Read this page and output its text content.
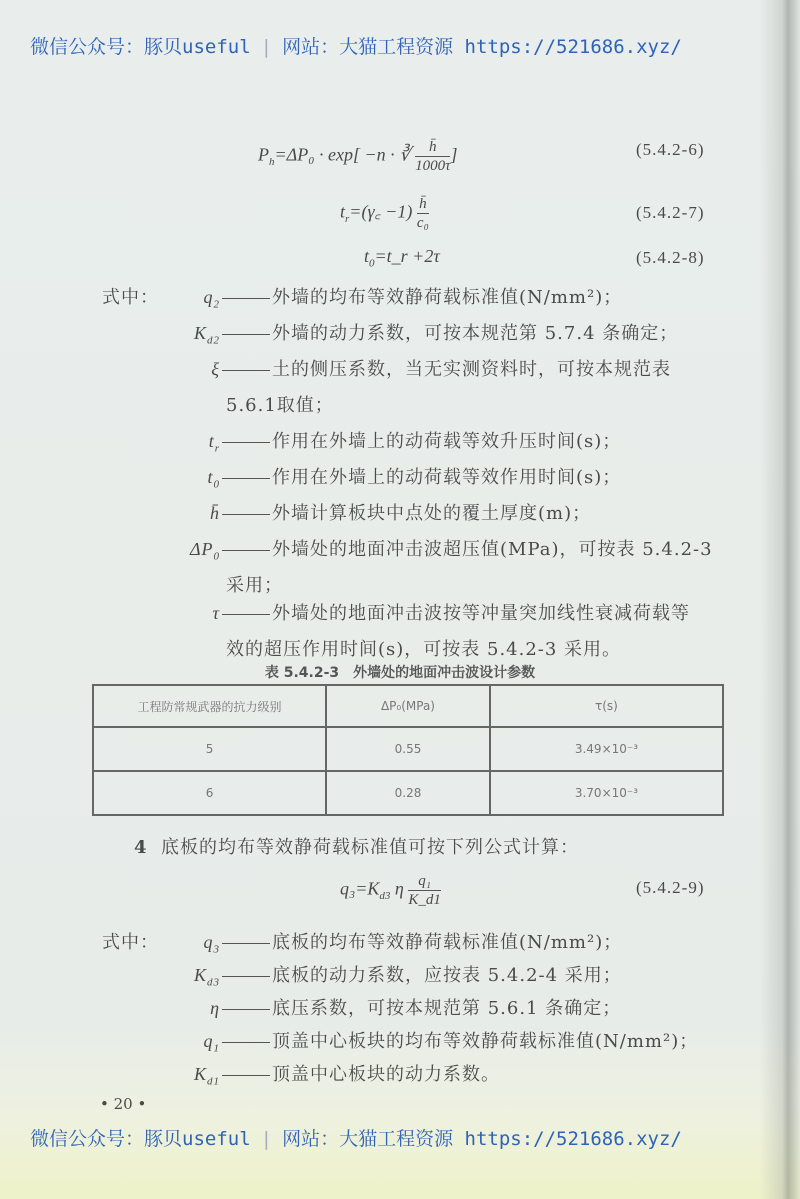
微信公众号：豚贝useful | 网站：大猫工程资源 https://521686.xyz/
$P_h=\Delta P_0 \cdot \exp[ -n$ · ∛ $\frac{h̄}{1000\tau}$ ]	(5.4.2-6)
$t_r=(\gamma꜀ -1) \frac{h̄}{\text{c₀}}$	(5.4.2-7)
$t_0=t\_r +2\tau$	(5.4.2-8)
式中：	$q_2$	外墙的均布等效静荷载标准值(N/mm²)；
$K_{d2}$	外墙的动力系数，可按本规范第 5.7.4 条确定；
ξ	土的侧压系数，当无实测资料时，可按本规范表
5.6.1取值；
$t_r$	作用在外墙上的动荷载等效升压时间(s)；
$t_0$	作用在外墙上的动荷载等效作用时间(s)；
h̄	外墙计算板块中点处的覆土厚度(m)；
$\Delta P_0$	外墙处的地面冲击波超压值(MPa)，可按表 5.4.2-3
采用；
τ	外墙处的地面冲击波按等冲量突加线性衰减荷载等
效的超压作用时间(s)，可按表 5.4.2-3 采用。
表 5.4.2-3　外墙处的地面冲击波设计参数
工程防常规武器的抗力级别	ΔP₀(MPa)	τ(s)
5	0.55	3.49×10⁻³
6	0.28	3.70×10⁻³
4 底板的均布等效静荷载标准值可按下列公式计算：
$q_3=K_{d3}$ η $\frac{\text{q₁}}{K\_d1}$	(5.4.2-9)
式中：	$q_3$	底板的均布等效静荷载标准值(N/mm²)；
$K_{d3}$	底板的动力系数，应按表 5.4.2-4 采用；
η	底压系数，可按本规范第 5.6.1 条确定；
$q_1$	顶盖中心板块的均布等效静荷载标准值(N/mm²)；
$K_{d1}$	顶盖中心板块的动力系数。
• 20 •
微信公众号：豚贝useful | 网站：大猫工程资源 https://521686.xyz/
